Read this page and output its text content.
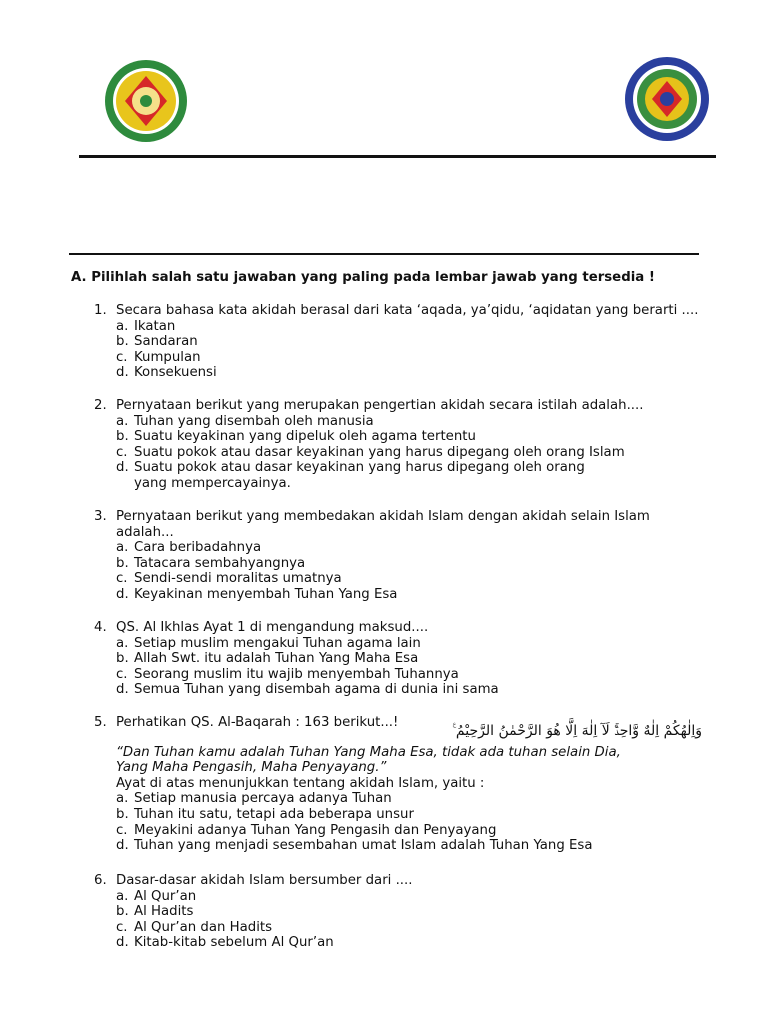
A. Pilihlah salah satu jawaban yang paling pada lembar jawab yang tersedia !
1. Secara bahasa kata akidah berasal dari kata ‘aqada, ya’qidu, ‘aqidatan yang berarti ....
a. Ikatan
b. Sandaran
c. Kumpulan
d. Konsekuensi
2. Pernyataan berikut yang merupakan pengertian akidah secara istilah adalah....
a. Tuhan yang disembah oleh manusia
b. Suatu keyakinan yang dipeluk oleh agama tertentu
c. Suatu pokok atau dasar keyakinan yang harus dipegang oleh orang Islam
d. Suatu pokok atau dasar keyakinan yang harus dipegang oleh orang yang mempercayainya.
3. Pernyataan berikut yang membedakan akidah Islam dengan akidah selain Islam adalah...
a. Cara beribadahnya
b. Tatacara sembahyangnya
c. Sendi-sendi moralitas umatnya
d. Keyakinan menyembah Tuhan Yang Esa
4. QS. Al Ikhlas Ayat 1 di mengandung maksud....
a. Setiap muslim mengakui Tuhan agama lain
b. Allah Swt. itu adalah Tuhan Yang Maha Esa
c. Seorang muslim itu wajib menyembah Tuhannya
d. Semua Tuhan yang disembah agama di dunia ini sama
5. Perhatikan QS. Al-Baqarah : 163 berikut...!
“Dan Tuhan kamu adalah Tuhan Yang Maha Esa, tidak ada tuhan selain Dia, Yang Maha Pengasih, Maha Penyayang.”
Ayat di atas menunjukkan tentang akidah Islam, yaitu :
a. Setiap manusia percaya adanya Tuhan
b. Tuhan itu satu, tetapi ada beberapa unsur
c. Meyakini adanya Tuhan Yang Pengasih dan Penyayang
d. Tuhan yang menjadi sesembahan umat Islam adalah Tuhan Yang Esa
وَاِلٰهُكُمْ اِلٰهٌ وَّاحِدٌۚ لَآ اِلٰهَ اِلَّا هُوَ الرَّحْمٰنُ الرَّحِيْمُ ࣖ
6. Dasar-dasar akidah Islam bersumber dari ....
a. Al Qur’an
b. Al Hadits
c. Al Qur’an dan Hadits
d. Kitab-kitab sebelum Al Qur’an
